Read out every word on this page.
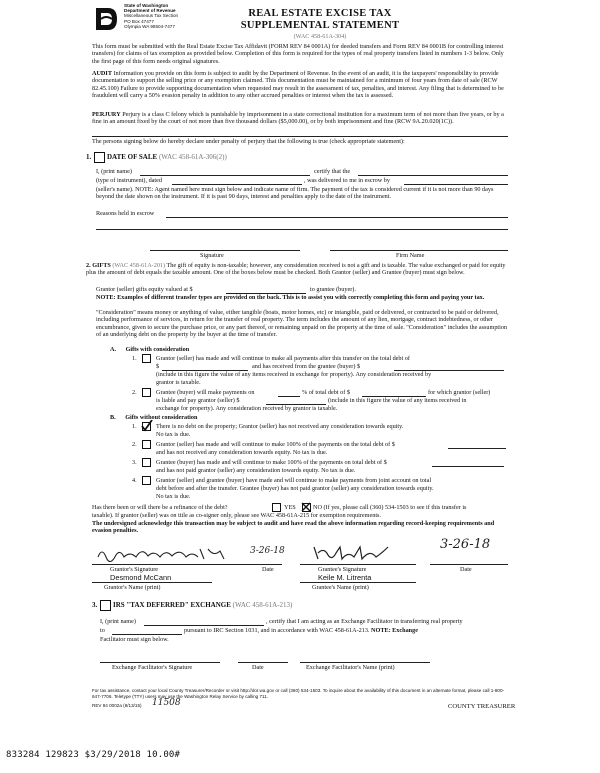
State of Washington
Department of Revenue
Miscellaneous Tax Section
PO Box 47477
Olympia WA 98504-7477
REAL ESTATE EXCISE TAX
SUPPLEMENTAL STATEMENT
(WAC 458-61A-304)
This form must be submitted with the Real Estate Excise Tax Affidavit (FORM REV 84 0001A) for deeded transfers and Form REV 84 0001B for controlling interest transfers) for claims of tax exemption as provided below. Completion of this form is required for the types of real property transfers listed in numbers 1-3 below. Only the first page of this form needs original signatures.
AUDIT Information you provide on this form is subject to audit by the Department of Revenue. In the event of an audit, it is the taxpayers' responsibility to provide documentation to support the selling price or any exemption claimed. This documentation must be maintained for a minimum of four years from date of sale (RCW 82.45.100) Failure to provide supporting documentation when requested may result in the assessment of tax, penalties, and interest. Any filing that is determined to be fraudulent will carry a 50% evasion penalty in addition to any other accrued penalties or interest when the tax is assessed.
PERJURY Perjury is a class C felony which is punishable by imprisonment in a state correctional institution for a maximum term of not more than five years, or by a fine in an amount fixed by the court of not more than five thousand dollars ($5,000.00), or by both imprisonment and fine (RCW 9A.20.020(1C)).
The persons signing below do hereby declare under penalty of perjury that the following is true (check appropriate statement):
1. DATE OF SALE (WAC 458-61A-306(2))
I, (print name)	certify that the
(type of instrument), dated	, was delivered to me in escrow by
(seller's name). NOTE: Agent named here must sign below and indicate name of firm. The payment of the tax is considered current if it is not more than 90 days beyond the date shown on the instrument. If it is past 90 days, interest and penalties apply to the date of the instrument.
Reasons held in escrow
Signature	Firm Name
2. GIFTS (WAC 458-61A-201) The gift of equity is non-taxable; however, any consideration received is not a gift and is taxable. The value exchanged or paid for equity plus the amount of debt equals the taxable amount. One of the boxes below must be checked. Both Grantor (seller) and Grantee (buyer) must sign below.
Grantor (seller) gifts equity valued at $	to grantee (buyer).
NOTE: Examples of different transfer types are provided on the back. This is to assist you with correctly completing this form and paying your tax.
"Consideration" means money or anything of value, either tangible (boats, motor homes, etc) or intangible, paid or delivered, or contracted to be paid or delivered, including performance of services, in return for the transfer of real property. The term includes the amount of any lien, mortgage, contract indebtedness, or other encumbrance, given to secure the purchase price, or any part thereof, or remaining unpaid on the property at the time of sale. "Consideration" includes the assumption of an underlying debt on the property by the buyer at the time of transfer.
A. Gifts with consideration
1.	Grantor (seller) has made and will continue to make all payments after this transfer on the total debt of
$	and has received from the grantee (buyer) $
(include in this figure the value of any items received in exchange for property). Any consideration received by
grantor is taxable.
2.	Grantee (buyer) will make payments on	% of total debt of $	for which grantor (seller)
is liable and pay grantor (seller) $	(include in this figure the value of any items received in
exchange for property). Any consideration received by grantor is taxable.
B. Gifts without consideration
1.	There is no debt on the property; Grantor (seller) has not received any consideration towards equity.
No tax is due.
2.	Grantor (seller) has made and will continue to make 100% of the payments on the total debt of $
and has not received any consideration towards equity. No tax is due.
3.	Grantee (buyer) has made and will continue to make 100% of the payments on total debt of $
and has not paid grantor (seller) any consideration towards equity. No tax is due.
4.	Grantor (seller) and grantee (buyer) have made and will continue to make payments from joint account on total
debt before and after the transfer. Grantee (buyer) has not paid grantor (seller) any consideration towards equity.
No tax is due.
Has there been or will there be a refinance of the debt?	YES	NO (If yes, please call (360) 534-1503 to see if this transfer is
taxable). If grantor (seller) was on title as co-signer only, please see WAC 458-61A-215 for exemption requirements.
The undersigned acknowledge this transaction may be subject to audit and have read the above information regarding record-keeping requirements and evasion penalties.
3-26-18	3-26-18
Grantor's Signature	Date	Grantee's Signature	Date
Desmond McCann
Grantor's Name (print)
Keile M. Litrenta
Grantee's Name (print)
3. IRS "TAX DEFERRED" EXCHANGE (WAC 458-61A-213)
I, (print name)	, certify that I am acting as an Exchange Facilitator in transferring real property
to	pursuant to IRC Section 1031, and in accordance with WAC 458-61A-213. NOTE: Exchange
Facilitator must sign below.
Exchange Facilitator's Signature	Date	Exchange Facilitator's Name (print)
For tax assistance, contact your local County Treasurer/Recorder or visit http://dor.wa.gov or call (360) 534-1503. To inquire about the availability of this document in an alternate format, please call 1-800-647-7706. Teletype (TTY) users may use the Washington Relay Service by calling 711.
REV 84 0002a (8/13/15) 11508	COUNTY TREASURER
833284 129823 $3/29/2018 10.00#
